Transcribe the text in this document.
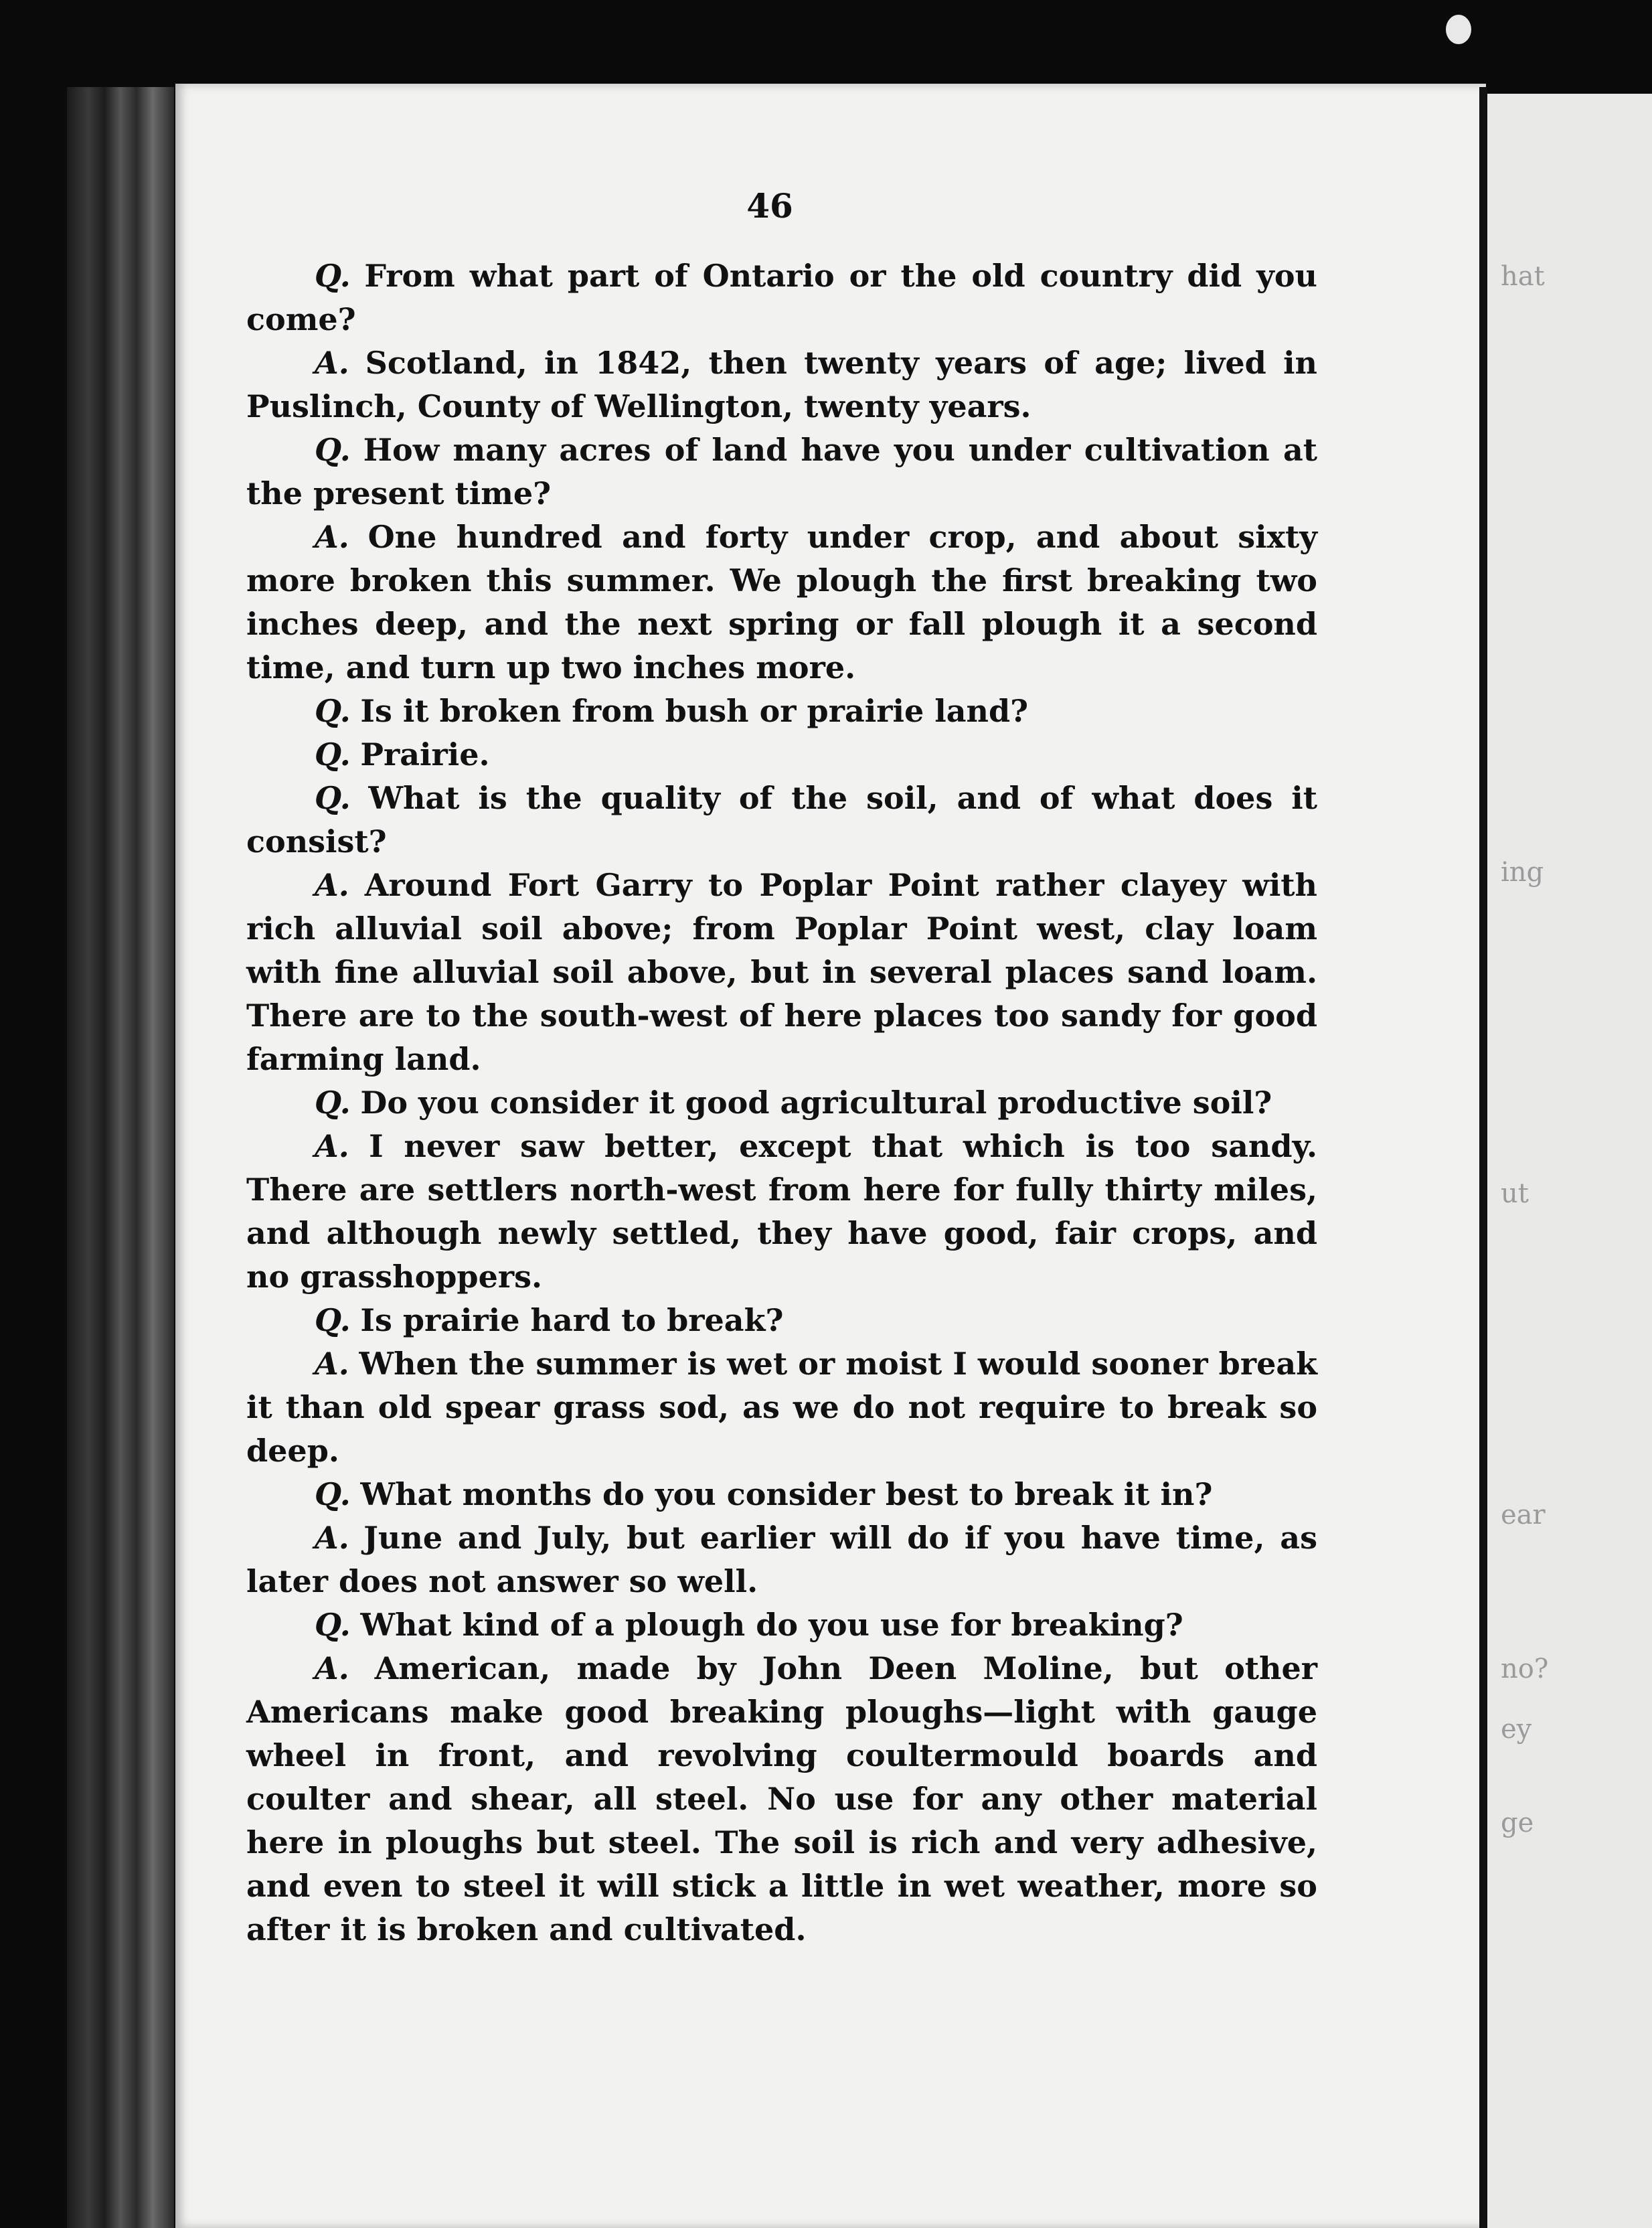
hat
ing
ut
ear
no?
ey
ge
46

Q. From what part of Ontario or the old country did you come?

A. Scotland, in 1842, then twenty years of age; lived in Puslinch, County of Wellington, twenty years.

Q. How many acres of land have you under cultivation at the present time?

A. One hundred and forty under crop, and about sixty more broken this summer. We plough the first breaking two inches deep, and the next spring or fall plough it a second time, and turn up two inches more.

Q. Is it broken from bush or prairie land?

Q. Prairie.

Q. What is the quality of the soil, and of what does it consist?

A. Around Fort Garry to Poplar Point rather clayey with rich alluvial soil above; from Poplar Point west, clay loam with fine alluvial soil above, but in several places sand loam. There are to the south-west of here places too sandy for good farming land.

Q. Do you consider it good agricultural productive soil?

A. I never saw better, except that which is too sandy. There are settlers north-west from here for fully thirty miles, and although newly settled, they have good, fair crops, and no grasshoppers.

Q. Is prairie hard to break?

A. When the summer is wet or moist I would sooner break it than old spear grass sod, as we do not require to break so deep.

Q. What months do you consider best to break it in?

A. June and July, but earlier will do if you have time, as later does not answer so well.

Q. What kind of a plough do you use for breaking?

A. American, made by John Deen Moline, but other Americans make good breaking ploughs—light with gauge wheel in front, and revolving coultermould boards and coulter and shear, all steel. No use for any other material here in ploughs but steel. The soil is rich and very adhesive, and even to steel it will stick a little in wet weather, more so after it is broken and cultivated.
